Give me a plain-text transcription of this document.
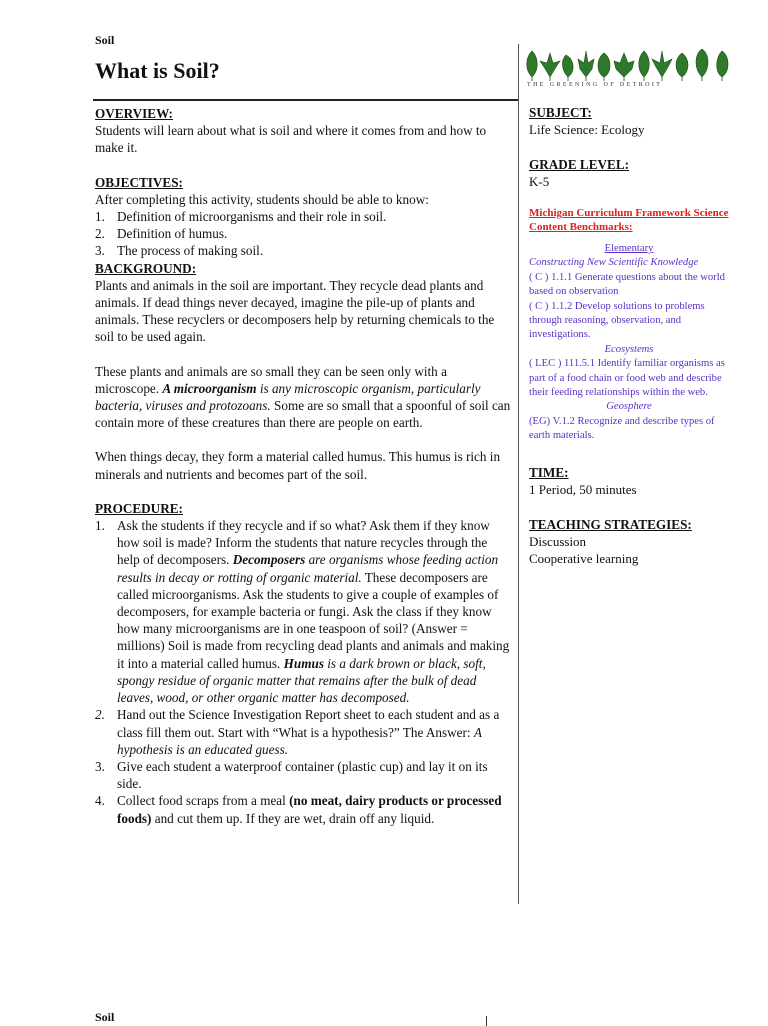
Soil
What is Soil?
THE GREENING OF DETROIT
OVERVIEW:

Students will learn about what is soil and where it comes from and how to make it.

OBJECTIVES:

After completing this activity, students should be able to know:

1. Definition of microorganisms and their role in soil.
2. Definition of humus.
3. The process of making soil.
BACKGROUND:

Plants and animals in the soil are important. They recycle dead plants and animals. If dead things never decayed, imagine the pile-up of plants and animals. These recyclers or decomposers help by returning chemicals to the soil to be used again.

These plants and animals are so small they can be seen only with a microscope. A microorganism is any microscopic organism, particularly bacteria, viruses and protozoans. Some are so small that a spoonful of soil can contain more of these creatures than there are people on earth.

When things decay, they form a material called humus. This humus is rich in minerals and nutrients and becomes part of the soil.

PROCEDURE:
1. Ask the students if they recycle and if so what? Ask them if they know how soil is made? Inform the students that nature recycles through the help of decomposers. Decomposers are organisms whose feeding action results in decay or rotting of organic material. These decomposers are called microorganisms. Ask the students to give a couple of examples of decomposers, for example bacteria or fungi. Ask the class if they know how many microorganisms are in one teaspoon of soil? (Answer = millions) Soil is made from recycling dead plants and animals and making it into a material called humus. Humus is a dark brown or black, soft, spongy residue of organic matter that remains after the bulk of dead leaves, wood, or other organic matter has decomposed.
2. Hand out the Science Investigation Report sheet to each student and as a class fill them out. Start with “What is a hypothesis?” The Answer: A hypothesis is an educated guess.
3. Give each student a waterproof container (plastic cup) and lay it on its side.
4. Collect food scraps from a meal (no meat, dairy products or processed foods) and cut them up. If they are wet, drain off any liquid.
SUBJECT:
Life Science: Ecology
GRADE LEVEL:
K-5
Michigan Curriculum Framework Science Content Benchmarks:
Elementary
Constructing New Scientific Knowledge
( C ) 1.1.1 Generate questions about the world based on observation
( C ) 1.1.2 Develop solutions to problems through reasoning, observation, and investigations.
Ecosystems
( LEC ) 111.5.1 Identify familiar organisms as part of a food chain or food web and describe their feeding relationships within the web.
Geosphere
(EG) V.1.2 Recognize and describe types of earth materials.
TIME:
1 Period, 50 minutes
TEACHING STRATEGIES:
Discussion
Cooperative learning
Soil
